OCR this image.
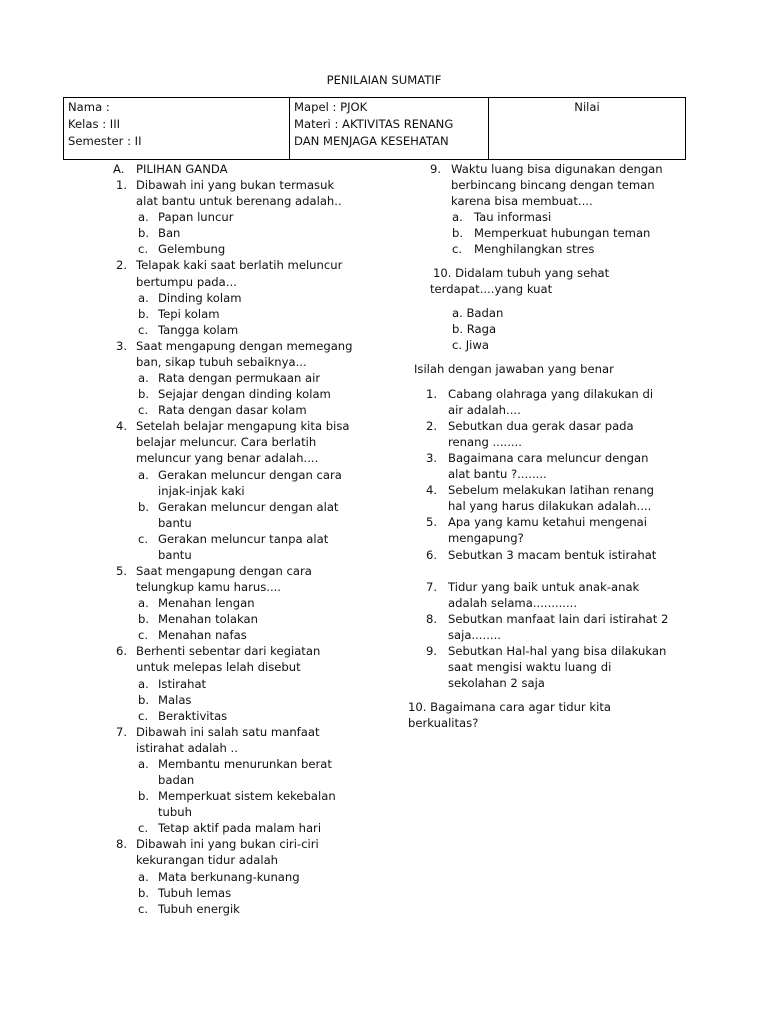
PENILAIAN SUMATIF
Nama :
Kelas : III
Semester : II

Mapel : PJOK
Materi : AKTIVITAS RENANG
DAN MENJAGA KESEHATAN

Nilai
A. PILIHAN GANDA
1. Dibawah ini yang bukan termasuk
alat bantu untuk berenang adalah..
a. Papan luncur
b. Ban
c. Gelembung
2. Telapak kaki saat berlatih meluncur
bertumpu pada...
a. Dinding kolam
b. Tepi kolam
c. Tangga kolam
3. Saat mengapung dengan memegang
ban, sikap tubuh sebaiknya...
a. Rata dengan permukaan air
b. Sejajar dengan dinding kolam
c. Rata dengan dasar kolam
4. Setelah belajar mengapung kita bisa
belajar meluncur. Cara berlatih
meluncur yang benar adalah....
a. Gerakan meluncur dengan cara
injak-injak kaki
b. Gerakan meluncur dengan alat
bantu
c. Gerakan meluncur tanpa alat
bantu
5. Saat mengapung dengan cara
telungkup kamu harus....
a. Menahan lengan
b. Menahan tolakan
c. Menahan nafas
6. Berhenti sebentar dari kegiatan
untuk melepas lelah disebut
a. Istirahat
b. Malas
c. Beraktivitas
7. Dibawah ini salah satu manfaat
istirahat adalah ..
a. Membantu menurunkan berat
badan
b. Memperkuat sistem kekebalan
tubuh
c. Tetap aktif pada malam hari
8. Dibawah ini yang bukan ciri-ciri
kekurangan tidur adalah
a. Mata berkunang-kunang
b. Tubuh lemas
c. Tubuh energik
9. Waktu luang bisa digunakan dengan
berbincang bincang dengan teman
karena bisa membuat....
a. Tau informasi
b. Memperkuat hubungan teman
c. Menghilangkan stres
10. Didalam tubuh yang sehat
terdapat....yang kuat
a. Badan
b. Raga
c. Jiwa
Isilah dengan jawaban yang benar
1. Cabang olahraga yang dilakukan di
air adalah....
2. Sebutkan dua gerak dasar pada
renang ........
3. Bagaimana cara meluncur dengan
alat bantu ?........
4. Sebelum melakukan latihan renang
hal yang harus dilakukan adalah....
5. Apa yang kamu ketahui mengenai
mengapung?
6. Sebutkan 3 macam bentuk istirahat
7. Tidur yang baik untuk anak-anak
adalah selama............
8. Sebutkan manfaat lain dari istirahat 2
saja........
9. Sebutkan Hal-hal yang bisa dilakukan
saat mengisi waktu luang di
sekolahan 2 saja
10. Bagaimana cara agar tidur kita
berkualitas?
